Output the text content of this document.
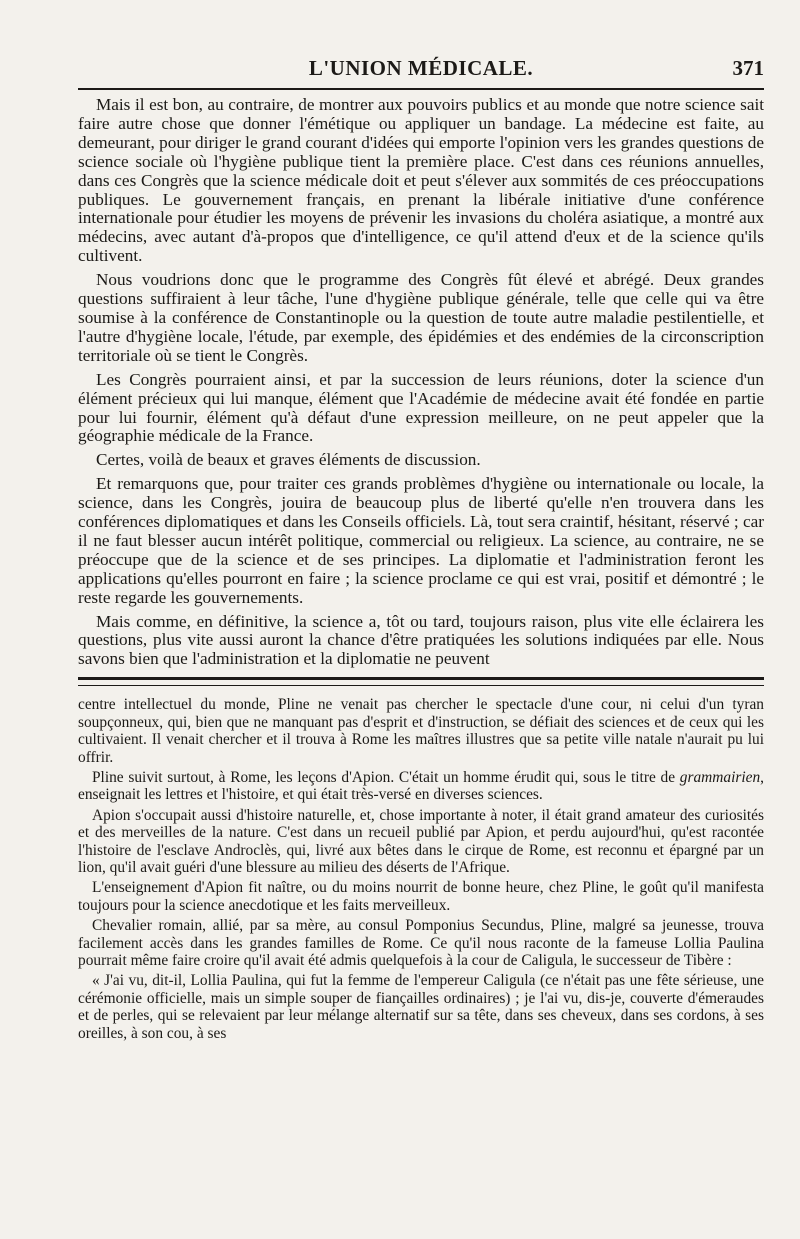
L'UNION MÉDICALE.	371

Mais il est bon, au contraire, de montrer aux pouvoirs publics et au monde que notre science sait faire autre chose que donner l'émétique ou appliquer un bandage. La médecine est faite, au demeurant, pour diriger le grand courant d'idées qui emporte l'opinion vers les grandes questions de science sociale où l'hygiène publique tient la première place. C'est dans ces réunions annuelles, dans ces Congrès que la science médicale doit et peut s'élever aux sommités de ces préoccupations publiques. Le gouvernement français, en prenant la libérale initiative d'une conférence internationale pour étudier les moyens de prévenir les invasions du choléra asiatique, a montré aux médecins, avec autant d'à-propos que d'intelligence, ce qu'il attend d'eux et de la science qu'ils cultivent.

Nous voudrions donc que le programme des Congrès fût élevé et abrégé. Deux grandes questions suffiraient à leur tâche, l'une d'hygiène publique générale, telle que celle qui va être soumise à la conférence de Constantinople ou la question de toute autre maladie pestilentielle, et l'autre d'hygiène locale, l'étude, par exemple, des épidémies et des endémies de la circonscription territoriale où se tient le Congrès.

Les Congrès pourraient ainsi, et par la succession de leurs réunions, doter la science d'un élément précieux qui lui manque, élément que l'Académie de médecine avait été fondée en partie pour lui fournir, élément qu'à défaut d'une expression meilleure, on ne peut appeler que la géographie médicale de la France.

Certes, voilà de beaux et graves éléments de discussion.

Et remarquons que, pour traiter ces grands problèmes d'hygiène ou internationale ou locale, la science, dans les Congrès, jouira de beaucoup plus de liberté qu'elle n'en trouvera dans les conférences diplomatiques et dans les Conseils officiels. Là, tout sera craintif, hésitant, réservé ; car il ne faut blesser aucun intérêt politique, commercial ou religieux. La science, au contraire, ne se préoccupe que de la science et de ses principes. La diplomatie et l'administration feront les applications qu'elles pourront en faire ; la science proclame ce qui est vrai, positif et démontré ; le reste regarde les gouvernements.

Mais comme, en définitive, la science a, tôt ou tard, toujours raison, plus vite elle éclairera les questions, plus vite aussi auront la chance d'être pratiquées les solutions indiquées par elle. Nous savons bien que l'administration et la diplomatie ne peuvent

centre intellectuel du monde, Pline ne venait pas chercher le spectacle d'une cour, ni celui d'un tyran soupçonneux, qui, bien que ne manquant pas d'esprit et d'instruction, se défiait des sciences et de ceux qui les cultivaient. Il venait chercher et il trouva à Rome les maîtres illustres que sa petite ville natale n'aurait pu lui offrir.

Pline suivit surtout, à Rome, les leçons d'Apion. C'était un homme érudit qui, sous le titre de grammairien, enseignait les lettres et l'histoire, et qui était très-versé en diverses sciences.

Apion s'occupait aussi d'histoire naturelle, et, chose importante à noter, il était grand amateur des curiosités et des merveilles de la nature. C'est dans un recueil publié par Apion, et perdu aujourd'hui, qu'est racontée l'histoire de l'esclave Androclès, qui, livré aux bêtes dans le cirque de Rome, est reconnu et épargné par un lion, qu'il avait guéri d'une blessure au milieu des déserts de l'Afrique.

L'enseignement d'Apion fit naître, ou du moins nourrit de bonne heure, chez Pline, le goût qu'il manifesta toujours pour la science anecdotique et les faits merveilleux.

Chevalier romain, allié, par sa mère, au consul Pomponius Secundus, Pline, malgré sa jeunesse, trouva facilement accès dans les grandes familles de Rome. Ce qu'il nous raconte de la fameuse Lollia Paulina pourrait même faire croire qu'il avait été admis quelquefois à la cour de Caligula, le successeur de Tibère :

« J'ai vu, dit-il, Lollia Paulina, qui fut la femme de l'empereur Caligula (ce n'était pas une fête sérieuse, une cérémonie officielle, mais un simple souper de fiançailles ordinaires) ; je l'ai vu, dis-je, couverte d'émeraudes et de perles, qui se relevaient par leur mélange alternatif sur sa tête, dans ses cheveux, dans ses cordons, à ses oreilles, à son cou, à ses
